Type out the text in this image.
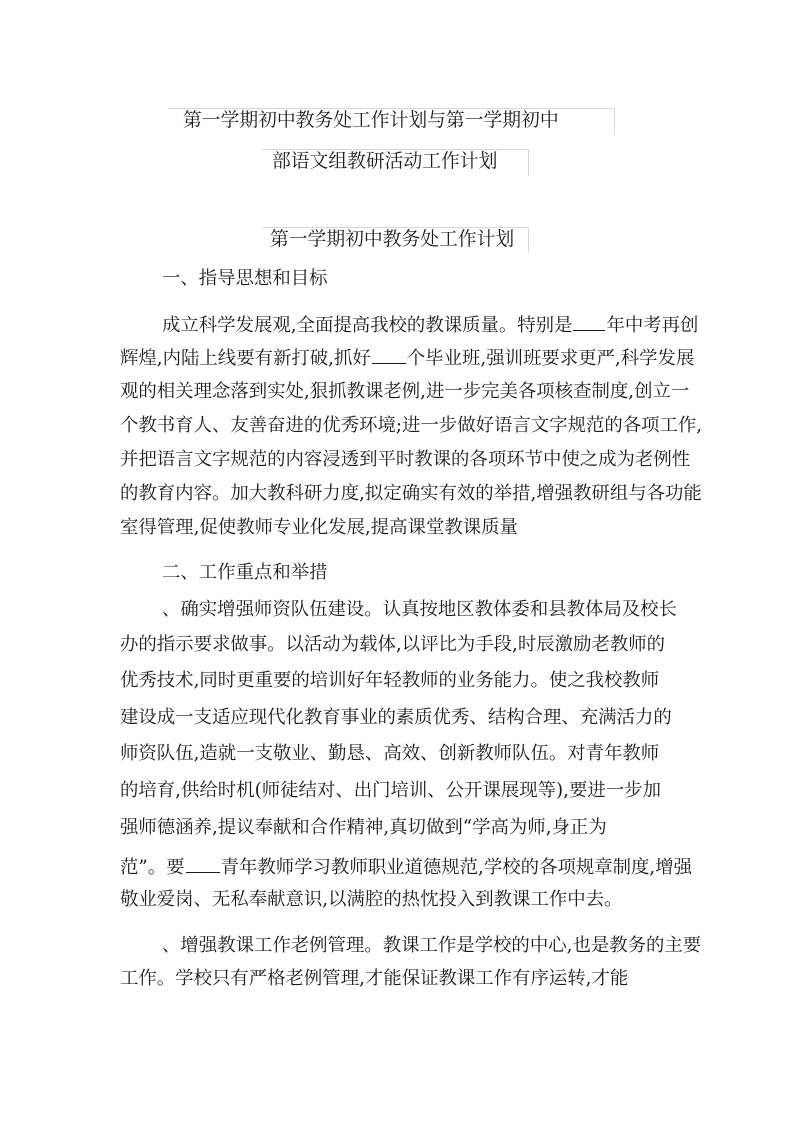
第一学期初中教务处工作计划与第一学期初中
部语文组教研活动工作计划
第一学期初中教务处工作计划
一、指导思想和目标
成立科学发展观,全面提高我校的教课质量。特别是 年中考再创
辉煌,内陆上线要有新打破,抓好 个毕业班,强训班要求更严,科学发展
观的相关理念落到实处,狠抓教课老例,进一步完美各项核查制度,创立一
个教书育人、友善奋进的优秀环境;进一步做好语言文字规范的各项工作,
并把语言文字规范的内容浸透到平时教课的各项环节中使之成为老例性
的教育内容。加大教科研力度,拟定确实有效的举措,增强教研组与各功能
室得管理,促使教师专业化发展,提高课堂教课质量
二、工作重点和举措
、确实增强师资队伍建设。认真按地区教体委和县教体局及校长
办的指示要求做事。以活动为载体,以评比为手段,时辰激励老教师的
优秀技术,同时更重要的培训好年轻教师的业务能力。使之我校教师
建设成一支适应现代化教育事业的素质优秀、结构合理、充满活力的
师资队伍,造就一支敬业、勤恳、高效、创新教师队伍。对青年教师
的培育,供给时机(师徒结对、出门培训、公开课展现等),要进一步加
强师德涵养,提议奉献和合作精神,真切做到“学高为师,身正为
范”。要 青年教师学习教师职业道德规范,学校的各项规章制度,增强
敬业爱岗、无私奉献意识,以满腔的热忱投入到教课工作中去。
、增强教课工作老例管理。教课工作是学校的中心,也是教务的主要
工作。学校只有严格老例管理,才能保证教课工作有序运转,才能
